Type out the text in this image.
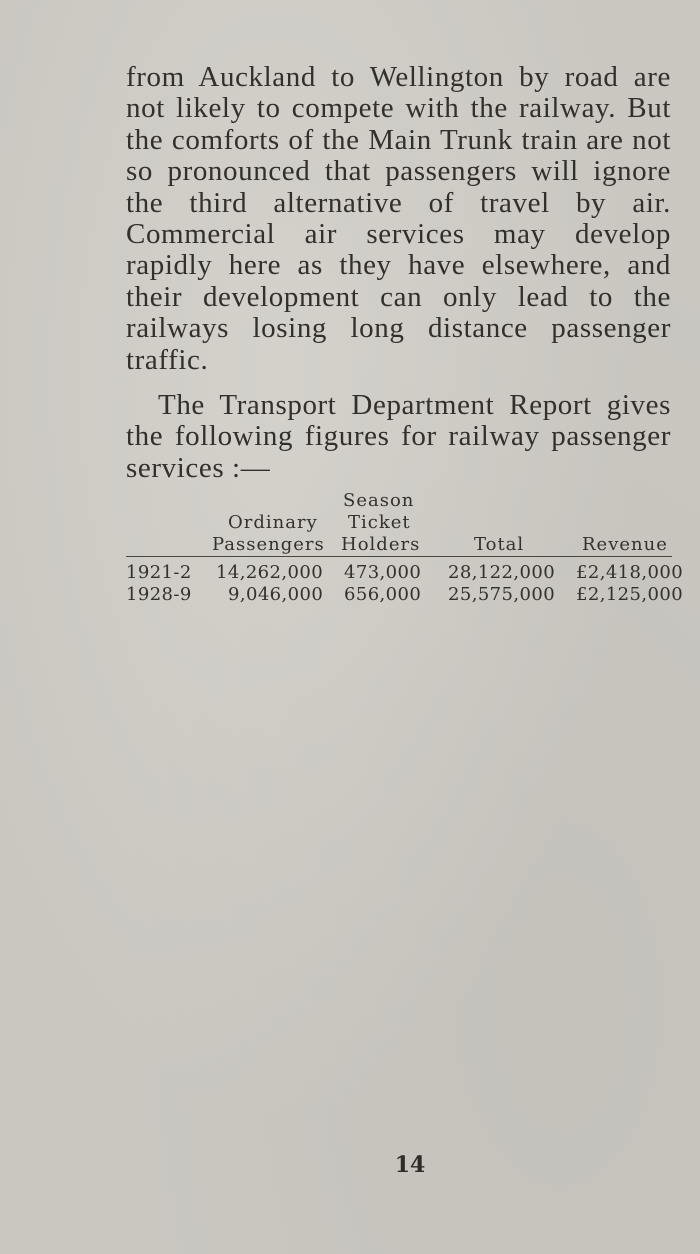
from Auckland to Wellington by road are not likely to compete with the railway. But the comforts of the Main Trunk train are not so pronounced that passengers will ignore the third alternative of travel by air. Commercial air services may develop rapidly here as they have elsewhere, and their development can only lead to the railways losing long distance passenger traffic.

The Transport Department Report gives the following figures for railway passenger services :—

Season
Ordinary Ticket
Passengers Holders	Total	Revenue
1921-2 14,262,000 473,000 28,122,000 £2,418,000
1928-9 9,046,000 656,000 25,575,000 £2,125,000
14
